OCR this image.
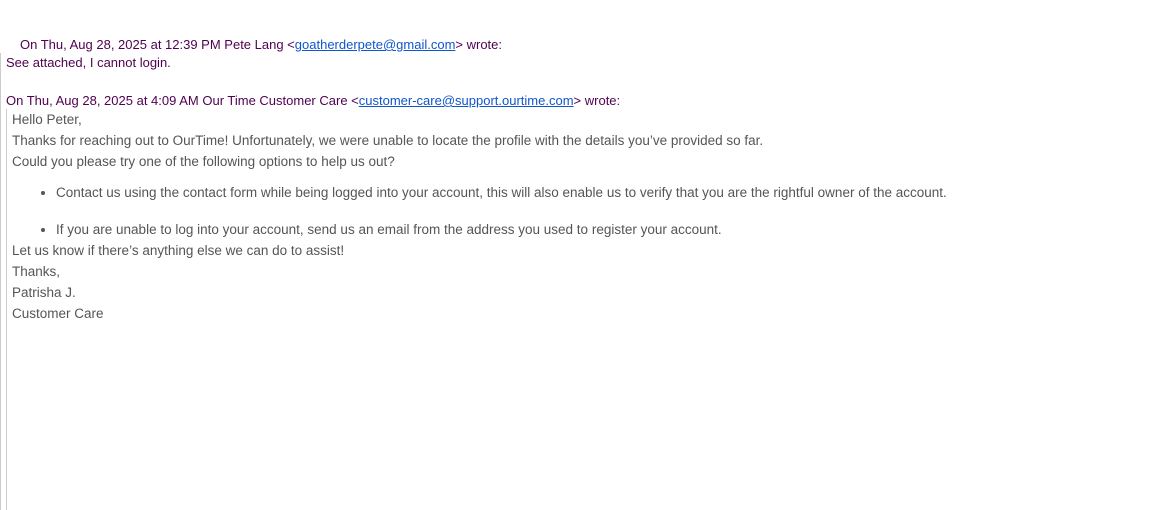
On Thu, Aug 28, 2025 at 12:39 PM Pete Lang <goatherderpete@gmail.com> wrote:
See attached, I cannot login.
On Thu, Aug 28, 2025 at 4:09 AM Our Time Customer Care <customer-care@support.ourtime.com> wrote:

Hello Peter,

Thanks for reaching out to OurTime! Unfortunately, we were unable to locate the profile with the details you’ve provided so far.

Could you please try one of the following options to help us out?

• Contact us using the contact form while being logged into your account, this will also enable us to verify that you are the rightful owner of the account.
• If you are unable to log into your account, send us an email from the address you used to register your account.

Let us know if there’s anything else we can do to assist!

Thanks,

Patrisha J.
Customer Care
